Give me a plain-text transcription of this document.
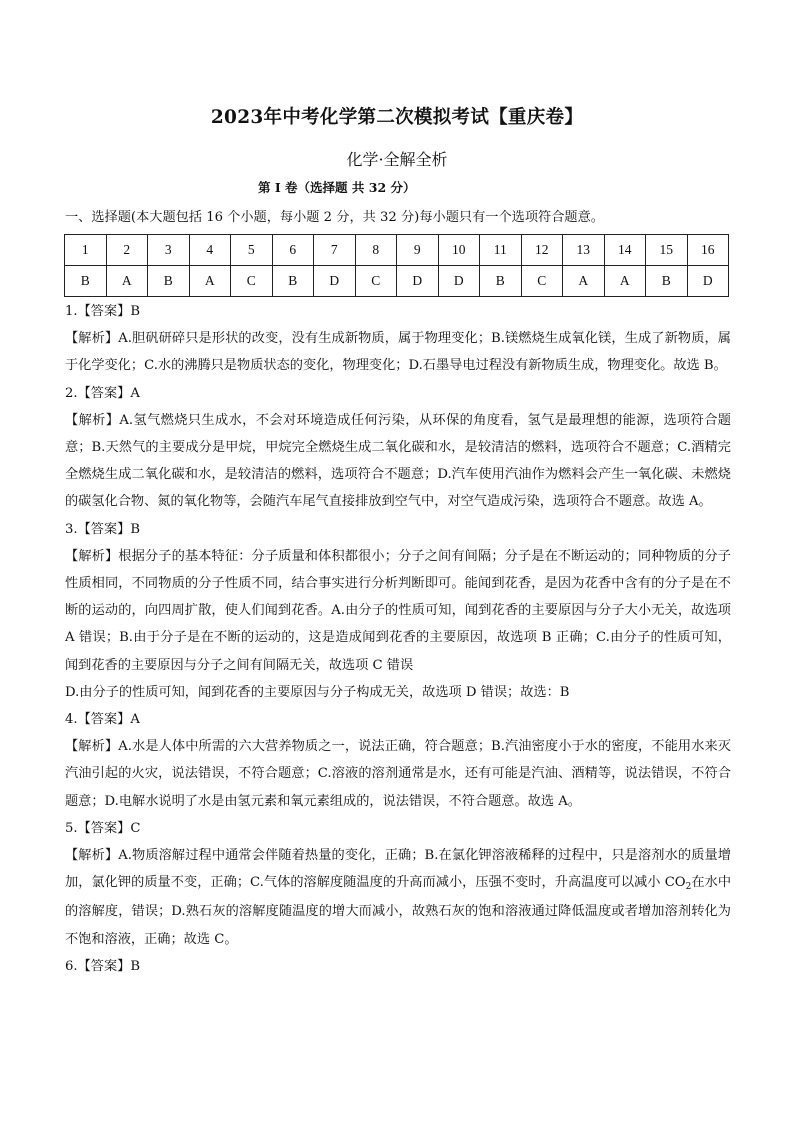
2023年中考化学第二次模拟考试【重庆卷】
化学·全解全析
第 I 卷（选择题 共 32 分）
一、选择题(本大题包括 16 个小题，每小题 2 分，共 32 分)每小题只有一个选项符合题意。
1	2	3	4	5	6	7	8	9	10	11	12	13	14	15	16
B	A	B	A	C	B	D	C	D	D	B	C	A	A	B	D

1.【答案】B

【解析】A.胆矾研碎只是形状的改变，没有生成新物质，属于物理变化；B.镁燃烧生成氧化镁，生成了新物质，属于化学变化；C.水的沸腾只是物质状态的变化，物理变化；D.石墨导电过程没有新物质生成，物理变化。故选 B。

2.【答案】A

【解析】A.氢气燃烧只生成水，不会对环境造成任何污染，从环保的角度看，氢气是最理想的能源，选项符合题意；B.天然气的主要成分是甲烷，甲烷完全燃烧生成二氧化碳和水，是较清洁的燃料，选项符合不题意；C.酒精完全燃烧生成二氧化碳和水，是较清洁的燃料，选项符合不题意；D.汽车使用汽油作为燃料会产生一氧化碳、未燃烧的碳氢化合物、氮的氧化物等，会随汽车尾气直接排放到空气中，对空气造成污染，选项符合不题意。故选 A。

3.【答案】B

【解析】根据分子的基本特征：分子质量和体积都很小；分子之间有间隔；分子是在不断运动的；同种物质的分子性质相同，不同物质的分子性质不同，结合事实进行分析判断即可。能闻到花香，是因为花香中含有的分子是在不断的运动的，向四周扩散，使人们闻到花香。A.由分子的性质可知，闻到花香的主要原因与分子大小无关，故选项 A 错误；B.由于分子是在不断的运动的，这是造成闻到花香的主要原因，故选项 B 正确；C.由分子的性质可知，闻到花香的主要原因与分子之间有间隔无关，故选项 C 错误

D.由分子的性质可知，闻到花香的主要原因与分子构成无关，故选项 D 错误；故选：B

4.【答案】A

【解析】A.水是人体中所需的六大营养物质之一，说法正确，符合题意；B.汽油密度小于水的密度，不能用水来灭汽油引起的火灾，说法错误，不符合题意；C.溶液的溶剂通常是水，还有可能是汽油、酒精等，说法错误，不符合题意；D.电解水说明了水是由氢元素和氧元素组成的，说法错误，不符合题意。故选 A。

5.【答案】C

【解析】A.物质溶解过程中通常会伴随着热量的变化，正确；B.在氯化钾溶液稀释的过程中，只是溶剂水的质量增加，氯化钾的质量不变，正确；C.气体的溶解度随温度的升高而减小，压强不变时，升高温度可以减小 $CO_2$在水中的溶解度，错误；D.熟石灰的溶解度随温度的增大而减小，故熟石灰的饱和溶液通过降低温度或者增加溶剂转化为不饱和溶液，正确；故选 C。

6.【答案】B
